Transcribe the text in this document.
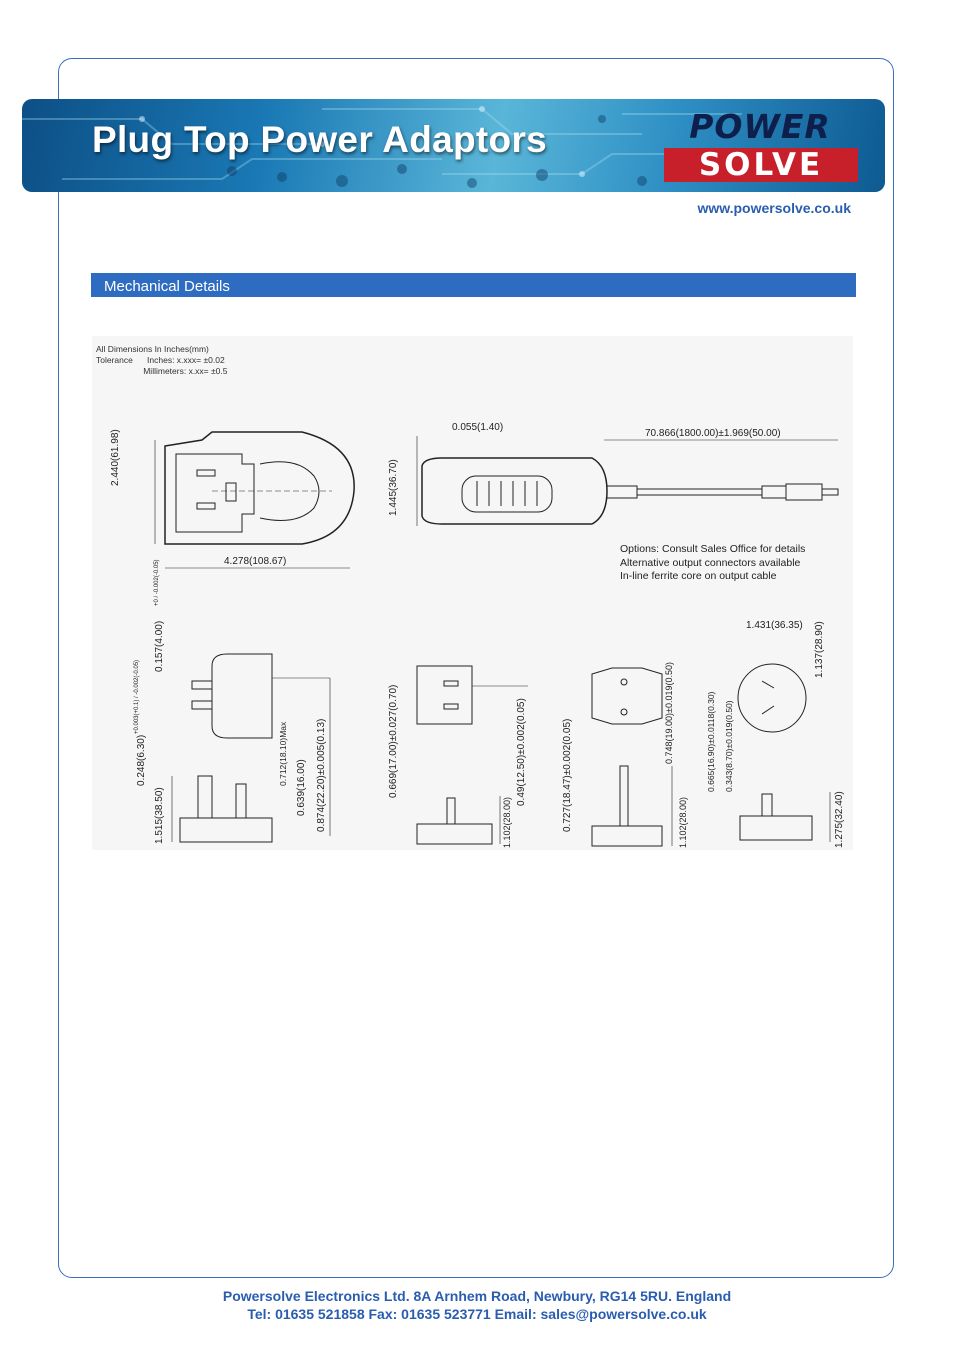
Plug Top Power Adaptors	POWER
SOLVE
www.powersolve.co.uk
Mechanical Details
All Dimensions In Inches(mm)
Tolerance      Inches: x.xxx= ±0.02
Millimeters: x.xx= ±0.5
Options: Consult Sales Office for details
Alternative output connectors available
In-line ferrite core on output cable
4.278(108.67)
2.440(61.98)
1.445(36.70)
0.055(1.40)
70.866(1800.00)±1.969(50.00)
0.157(4.00)
+0 / -0.002(-0.05)
0.248(6.30)
+0.003(+0.1) / -0.002(-0.05)
0.712(18.10)Max
0.639(16.00) 0.874(22.20)±0.005(0.13)
1.515(38.50)
0.669(17.00)±0.027(0.70)
1.102(28.00)
0.49(12.50)±0.002(0.05)	0.727(18.47)±0.002(0.05)
0.748(19.00)±0.019(0.50)
1.102(28.00)
1.431(36.35) 1.137(28.90)
0.665(16.90)±0.0118(0.30) 0.343(8.70)±0.019(0.50)
1.275(32.40)
Powersolve Electronics Ltd. 8A Arnhem Road, Newbury, RG14 5RU. England
Tel: 01635 521858 Fax: 01635 523771 Email: sales@powersolve.co.uk
